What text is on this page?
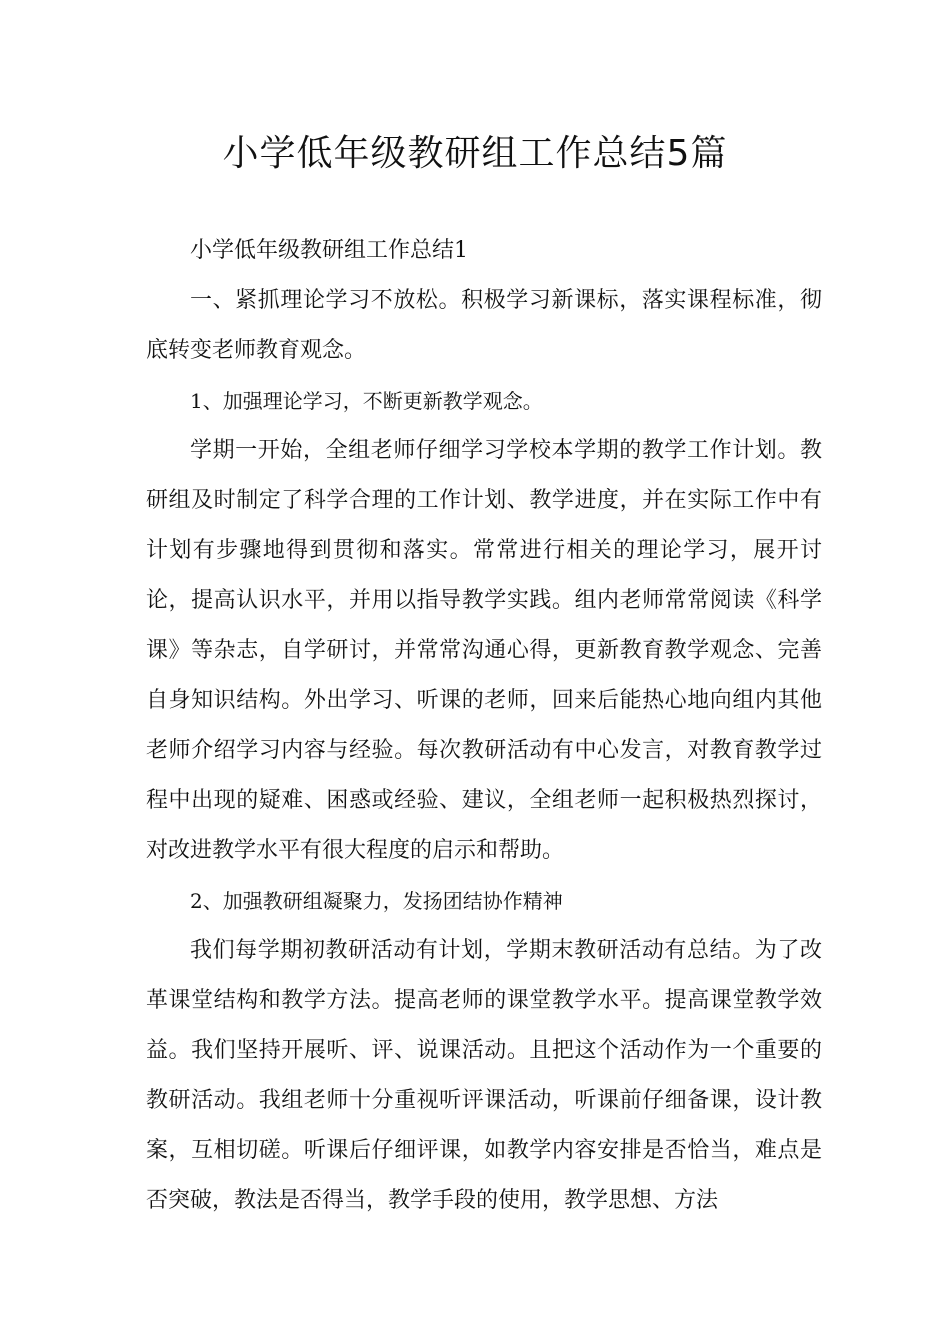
小学低年级教研组工作总结5篇

小学低年级教研组工作总结1

一、紧抓理论学习不放松。积极学习新课标，落实课程标准，彻底转变老师教育观念。

1、加强理论学习，不断更新教学观念。

学期一开始，全组老师仔细学习学校本学期的教学工作计划。教研组及时制定了科学合理的工作计划、教学进度，并在实际工作中有计划有步骤地得到贯彻和落实。常常进行相关的理论学习，展开讨论，提高认识水平，并用以指导教学实践。组内老师常常阅读《科学课》等杂志，自学研讨，并常常沟通心得，更新教育教学观念、完善自身知识结构。外出学习、听课的老师，回来后能热心地向组内其他老师介绍学习内容与经验。每次教研活动有中心发言，对教育教学过程中出现的疑难、困惑或经验、建议，全组老师一起积极热烈探讨，对改进教学水平有很大程度的启示和帮助。

2、加强教研组凝聚力，发扬团结协作精神

我们每学期初教研活动有计划，学期末教研活动有总结。为了改革课堂结构和教学方法。提高老师的课堂教学水平。提高课堂教学效益。我们坚持开展听、评、说课活动。且把这个活动作为一个重要的教研活动。我组老师十分重视听评课活动，听课前仔细备课，设计教案，互相切磋。听课后仔细评课，如教学内容安排是否恰当，难点是否突破，教法是否得当，教学手段的使用，教学思想、方法
